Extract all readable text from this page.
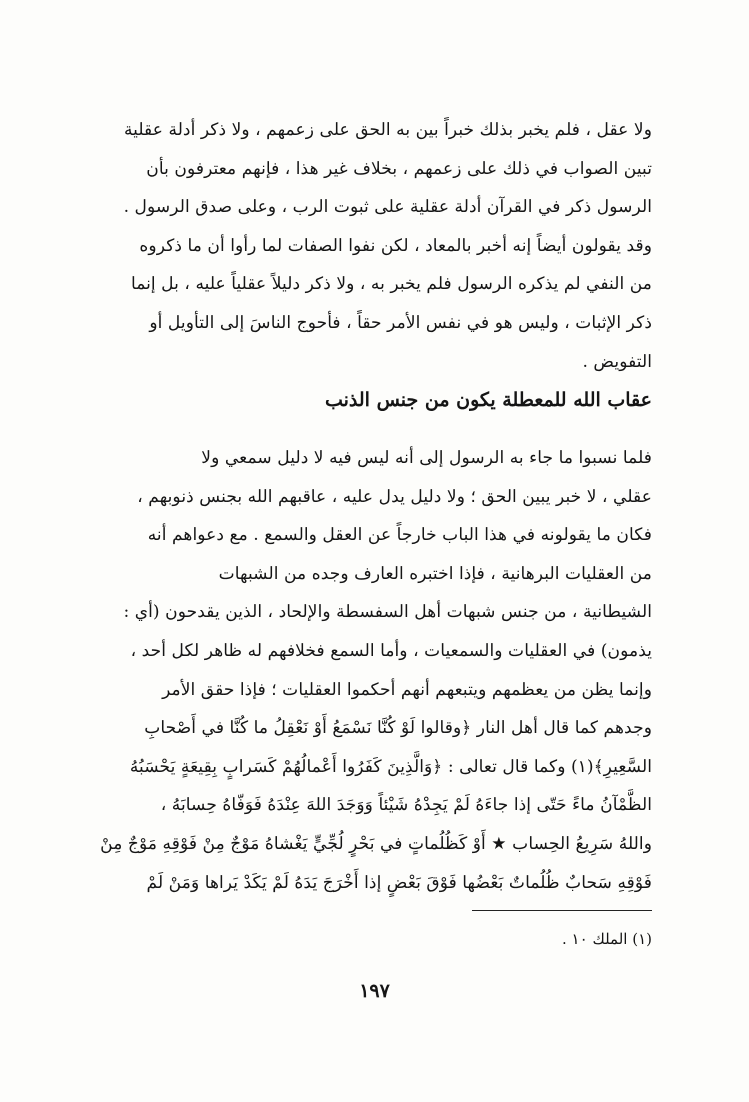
ولا عقل ، فلم يخبر بذلك خبراً بين به الحق على زعمهم ، ولا ذكر أدلة عقلية
تبين الصواب في ذلك على زعمهم ، بخلاف غير هذا ، فإنهم معترفون بأن
الرسول ذكر في القرآن أدلة عقلية على ثبوت الرب ، وعلى صدق الرسول .
وقد يقولون أيضاً إنه أخبر بالمعاد ، لكن نفوا الصفات لما رأوا أن ما ذكروه
من النفي لم يذكره الرسول فلم يخبر به ، ولا ذكر دليلاً عقلياً عليه ، بل إنما
ذكر الإثبات ، وليس هو في نفس الأمر حقاً ، فأحوج الناسَ إلى التأويل أو
التفويض .
عقاب الله للمعطلة يكون من جنس الذنب
فلما نسبوا ما جاء به الرسول إلى أنه ليس فيه لا دليل سمعي ولا
عقلي ، لا خبر يبين الحق ؛ ولا دليل يدل عليه ، عاقبهم الله بجنس ذنوبهم ،
فكان ما يقولونه في هذا الباب خارجاً عن العقل والسمع . مع دعواهم أنه
من العقليات البرهانية ، فإذا اختبره العارف وجده من الشبهات
الشيطانية ، من جنس شبهات أهل السفسطة والإلحاد ، الذين يقدحون (أي :
يذمون) في العقليات والسمعيات ، وأما السمع فخلافهم له ظاهر لكل أحد ،
وإنما يظن من يعظمهم ويتبعهم أنهم أحكموا العقليات ؛ فإذا حقق الأمر
وجدهم كما قال أهل النار ﴿وقالوا لَوْ كُنَّا نَسْمَعُ أَوْ نَعْقِلُ ما كُنَّا في أَصْحابِ
السَّعِيرِ﴾(١) وكما قال تعالى : ﴿وَالَّذِينَ كَفَرُوا أَعْمالُهُمْ كَسَرابٍ بِقِيعَةٍ يَحْسَبُهُ
الظَّمْآنُ ماءً حَتّى إذا جاءَهُ لَمْ يَجِدْهُ شَيْئاً وَوَجَدَ اللهَ عِنْدَهُ فَوَفّاهُ حِسابَهُ ،
واللهُ سَرِيعُ الحِساب ★ أَوْ كَظُلُماتٍ في بَحْرٍ لُجِّيٍّ يَغْشاهُ مَوْجٌ مِنْ فَوْقِهِ مَوْجٌ مِنْ
فَوْقِهِ سَحابٌ ظُلُماتٌ بَعْضُها فَوْقَ بَعْضٍ إذا أَخْرَجَ يَدَهُ لَمْ يَكَدْ يَراها وَمَنْ لَمْ

(١) الملك ١٠ .

١٩٧
